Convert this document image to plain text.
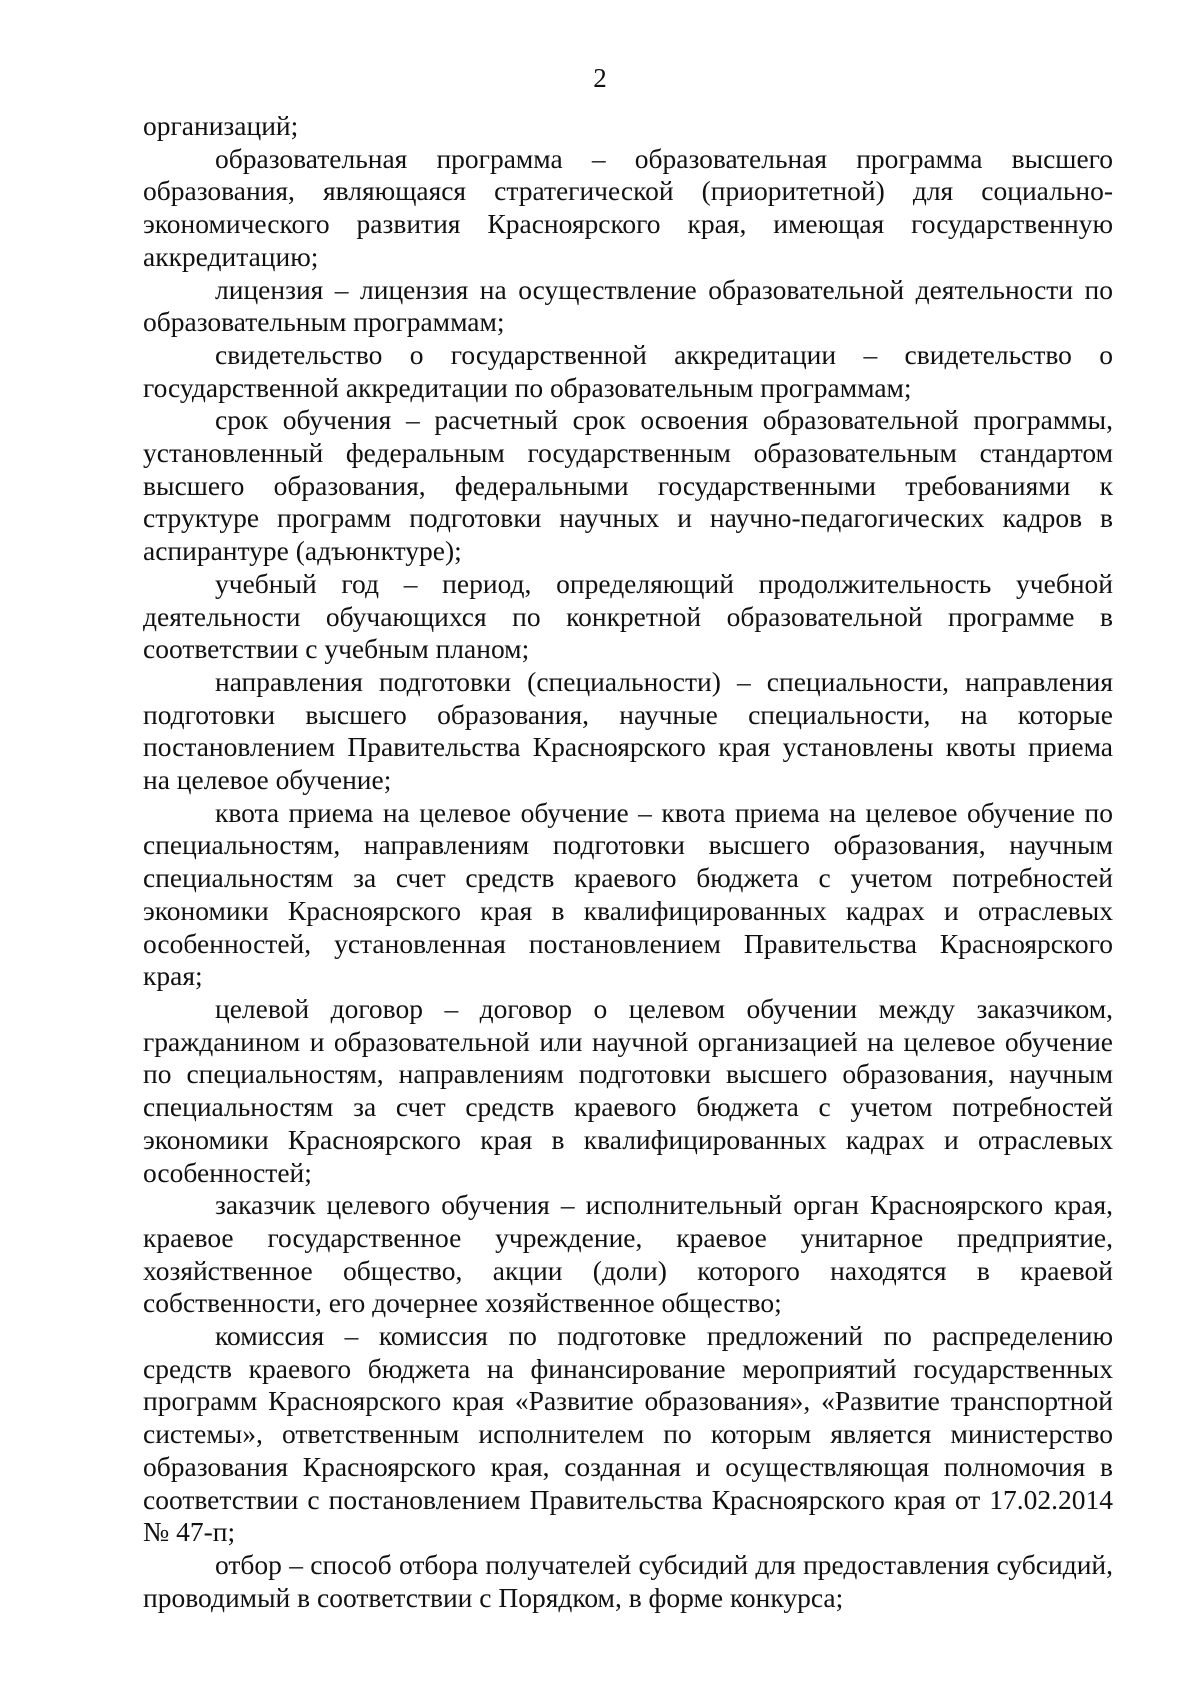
2

организаций;

образовательная программа – образовательная программа высшего образования, являющаяся стратегической (приоритетной) для социально-экономического развития Красноярского края, имеющая государственную аккредитацию;

лицензия – лицензия на осуществление образовательной деятельности по образовательным программам;

свидетельство о государственной аккредитации – свидетельство о государственной аккредитации по образовательным программам;

срок обучения – расчетный срок освоения образовательной программы, установленный федеральным государственным образовательным стандартом высшего образования, федеральными государственными требованиями к структуре программ подготовки научных и научно-педагогических кадров в аспирантуре (адъюнктуре);

учебный год – период, определяющий продолжительность учебной деятельности обучающихся по конкретной образовательной программе в соответствии с учебным планом;

направления подготовки (специальности) – специальности, направления подготовки высшего образования, научные специальности, на которые постановлением Правительства Красноярского края установлены квоты приема на целевое обучение;

квота приема на целевое обучение – квота приема на целевое обучение по специальностям, направлениям подготовки высшего образования, научным специальностям за счет средств краевого бюджета с учетом потребностей экономики Красноярского края в квалифицированных кадрах и отраслевых особенностей, установленная постановлением Правительства Красноярского края;

целевой договор – договор о целевом обучении между заказчиком, гражданином и образовательной или научной организацией на целевое обучение по специальностям, направлениям подготовки высшего образования, научным специальностям за счет средств краевого бюджета с учетом потребностей экономики Красноярского края в квалифицированных кадрах и отраслевых особенностей;

заказчик целевого обучения – исполнительный орган Красноярского края, краевое государственное учреждение, краевое унитарное предприятие, хозяйственное общество, акции (доли) которого находятся в краевой собственности, его дочернее хозяйственное общество;

комиссия – комиссия по подготовке предложений по распределению средств краевого бюджета на финансирование мероприятий государственных программ Красноярского края «Развитие образования», «Развитие транспортной системы», ответственным исполнителем по которым является министерство образования Красноярского края, созданная и осуществляющая полномочия в соответствии с постановлением Правительства Красноярского края от 17.02.2014 № 47-п;

отбор – способ отбора получателей субсидий для предоставления субсидий, проводимый в соответствии с Порядком, в форме конкурса;
